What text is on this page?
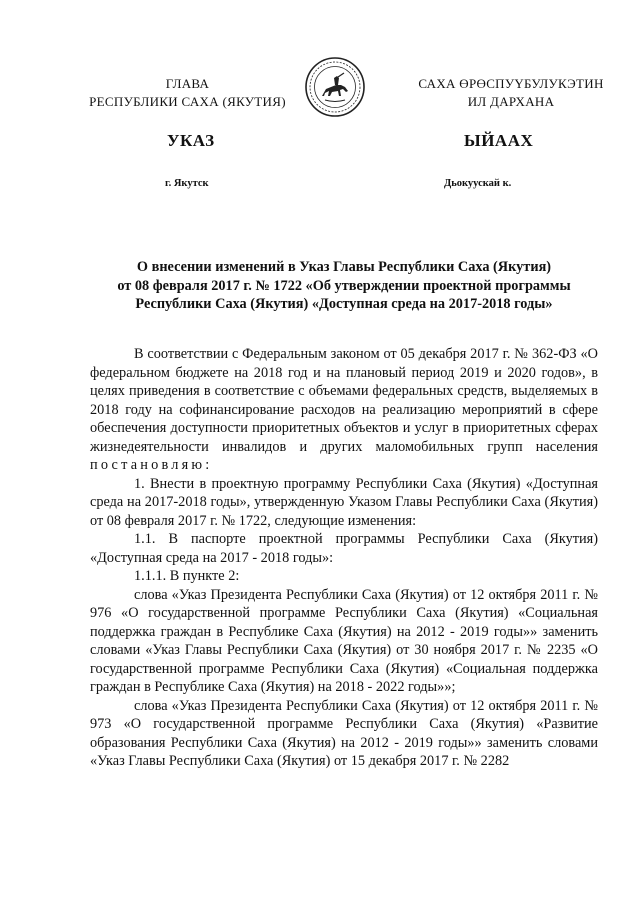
ГЛАВА
РЕСПУБЛИКИ САХА (ЯКУТИЯ)
САХА ӨРӨСПУҮБУЛУКЭТИН
ИЛ ДАРХАНА
УКАЗ	ЫЙААХ
г. Якутск	Дьокуускай к.
О внесении изменений в Указ Главы Республики Саха (Якутия)
от 08 февраля 2017 г. № 1722 «Об утверждении проектной программы
Республики Саха (Якутия) «Доступная среда на 2017-2018 годы»

В соответствии с Федеральным законом от 05 декабря 2017 г. № 362-ФЗ «О федеральном бюджете на 2018 год и на плановый период 2019 и 2020 годов», в целях приведения в соответствие с объемами федеральных средств, выделяемых в 2018 году на софинансирование расходов на реализацию мероприятий в сфере обеспечения доступности приоритетных объектов и услуг в приоритетных сферах жизнедеятельности инвалидов и других маломобильных групп населения постановляю:

1. Внести в проектную программу Республики Саха (Якутия) «Доступная среда на 2017-2018 годы», утвержденную Указом Главы Республики Саха (Якутия) от 08 февраля 2017 г. № 1722, следующие изменения:

1.1. В паспорте проектной программы Республики Саха (Якутия) «Доступная среда на 2017 - 2018 годы»:

1.1.1. В пункте 2:

слова «Указ Президента Республики Саха (Якутия) от 12 октября 2011 г. № 976 «О государственной программе Республики Саха (Якутия) «Социальная поддержка граждан в Республике Саха (Якутия) на 2012 - 2019 годы»» заменить словами «Указ Главы Республики Саха (Якутия) от 30 ноября 2017 г. № 2235 «О государственной программе Республики Саха (Якутия) «Социальная поддержка граждан в Республике Саха (Якутия) на 2018 - 2022 годы»»;

слова «Указ Президента Республики Саха (Якутия) от 12 октября 2011 г. № 973 «О государственной программе Республики Саха (Якутия) «Развитие образования Республики Саха (Якутия) на 2012 - 2019 годы»» заменить словами «Указ Главы Республики Саха (Якутия) от 15 декабря 2017 г. № 2282
